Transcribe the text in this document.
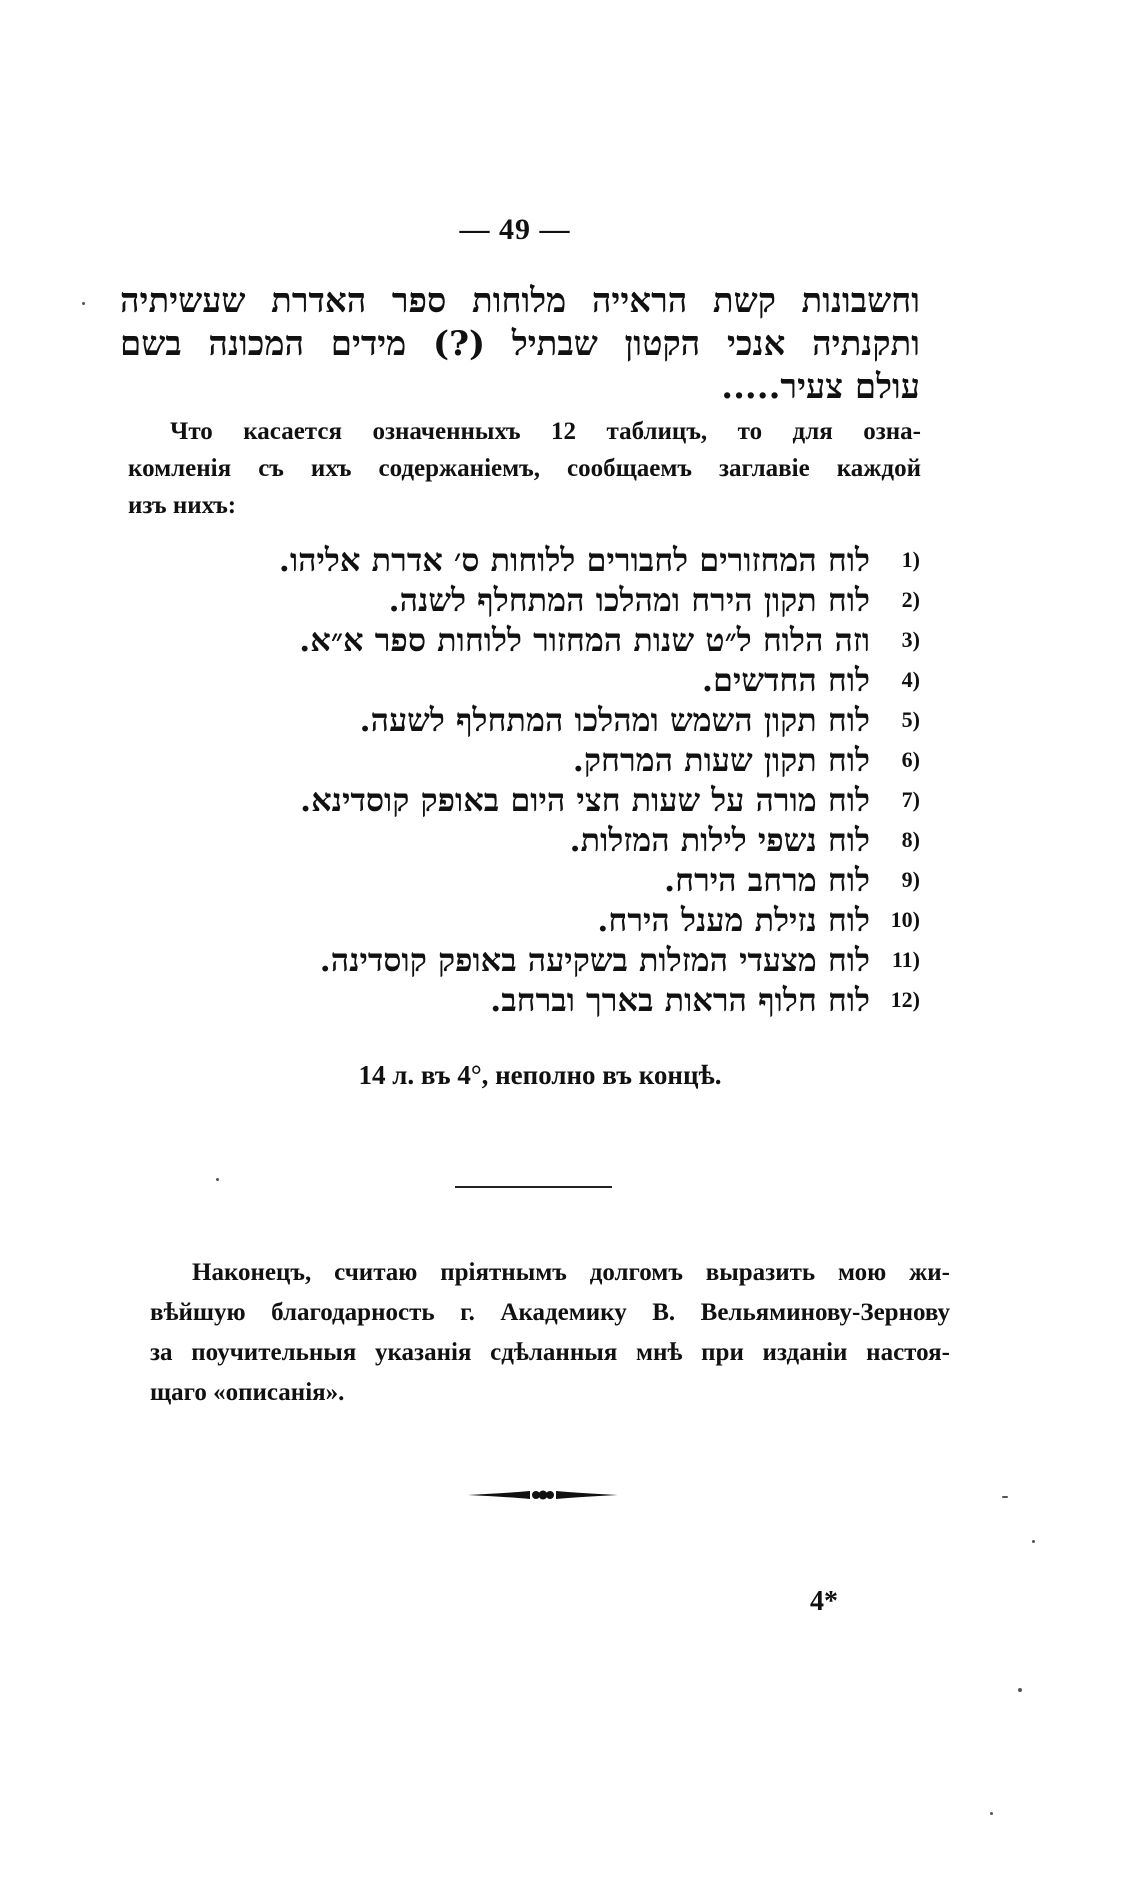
— 49 —
וחשבונות קשת הראייה מלוחות ספר האדרת שעשיתיה
ותקנתיה אנכי הקטון שבתיל (?) מידים המכונה בשם
עולם צעיר.....
Что касается означенныхъ 12 таблицъ, то для озна-
комленія съ ихъ содержаніемъ, сообщаемъ заглавіе каждой
изъ нихъ:
1)
לוח המחזורים לחבורים ללוחות ס׳ אדרת אליהו.
2)
לוח תקון הירח ומהלכו המתחלף לשנה.
3)
וזה הלוח ל״ט שנות המחזור ללוחות ספר א״א.
4)
לוח החדשים.
5)
לוח תקון השמש ומהלכו המתחלף לשעה.
6)
לוח תקון שעות המרחק.
7)
לוח מורה על שעות חצי היום באופק קוסדינא.
8)
לוח נשפי לילות המזלות.
9)
לוח מרחב הירח.
10)
לוח נזילת מענל הירח.
11)
לוח מצעדי המזלות בשקיעה באופק קוסדינה.
12)
לוח חלוף הראות בארך וברחב.
14 л. въ 4°, неполно въ концѣ.
Наконецъ, считаю пріятнымъ долгомъ выразить мою жи-
вѣйшую благодарность г. Академику В. Вельяминову-Зернову
за поучительныя указанія сдѣланныя мнѣ при изданіи настоя-
щаго «описанія».
4*
